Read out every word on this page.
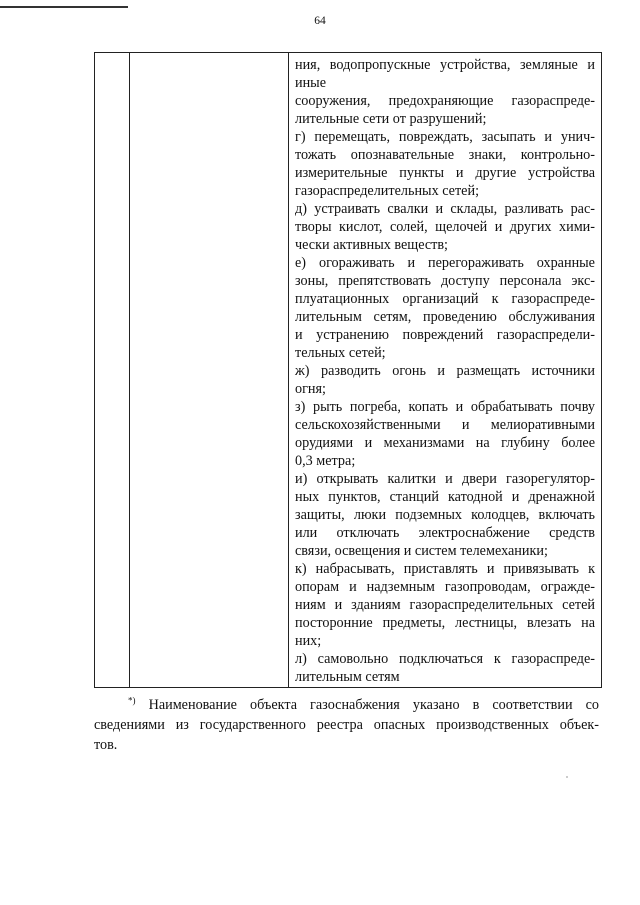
64

ния, водопропускные устройства, земляные и
иные
сооружения, предохраняющие газораспреде-
лительные сети от разрушений;
г) перемещать, повреждать, засыпать и унич-
тожать опознавательные знаки, контрольно-
измерительные пункты и другие устройства
газораспределительных сетей;
д) устраивать свалки и склады, разливать рас-
творы кислот, солей, щелочей и других хими-
чески активных веществ;
е) огораживать и перегораживать охранные
зоны, препятствовать доступу персонала экс-
плуатационных организаций к газораспреде-
лительным сетям, проведению обслуживания
и устранению повреждений газораспредели-
тельных сетей;
ж) разводить огонь и размещать источники
огня;
з) рыть погреба, копать и обрабатывать почву
сельскохозяйственными и мелиоративными
орудиями и механизмами на глубину более
0,3 метра;
и) открывать калитки и двери газорегулятор-
ных пунктов, станций катодной и дренажной
защиты, люки подземных колодцев, включать
или отключать электроснабжение средств
связи, освещения и систем телемеханики;
к) набрасывать, приставлять и привязывать к
опорам и надземным газопроводам, огражде-
ниям и зданиям газораспределительных сетей
посторонние предметы, лестницы, влезать на
них;
л) самовольно подключаться к газораспреде-
лительным сетям
*) Наименование объекта газоснабжения указано в соответствии со
сведениями из государственного реестра опасных производственных объек-
тов.
